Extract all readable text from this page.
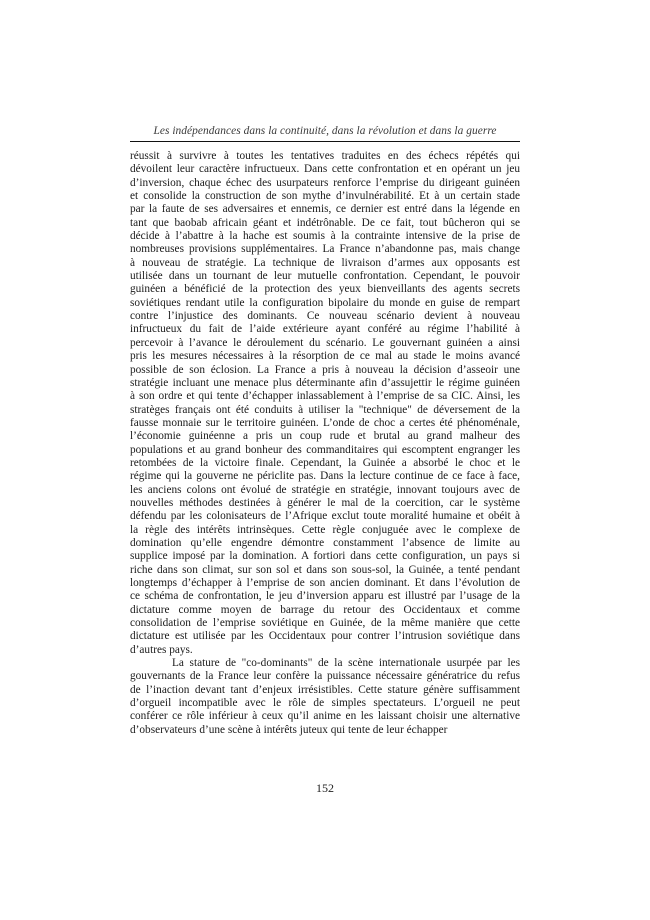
Les indépendances dans la continuité, dans la révolution et dans la guerre
réussit à survivre à toutes les tentatives traduites en des échecs répétés qui
dévoilent leur caractère infructueux. Dans cette confrontation et en opérant un jeu
d’inversion, chaque échec des usurpateurs renforce l’emprise du dirigeant guinéen
et consolide la construction de son mythe d’invulnérabilité. Et à un certain stade
par la faute de ses adversaires et ennemis, ce dernier est entré dans la légende en
tant que baobab africain géant et indétrônable. De ce fait, tout bûcheron qui se
décide à l’abattre à la hache est soumis à la contrainte intensive de la prise de
nombreuses provisions supplémentaires. La France n’abandonne pas, mais change
à nouveau de stratégie. La technique de livraison d’armes aux opposants est
utilisée dans un tournant de leur mutuelle confrontation. Cependant, le pouvoir
guinéen a bénéficié de la protection des yeux bienveillants des agents secrets
soviétiques rendant utile la configuration bipolaire du monde en guise de rempart
contre l’injustice des dominants. Ce nouveau scénario devient à nouveau
infructueux du fait de l’aide extérieure ayant conféré au régime l’habilité à
percevoir à l’avance le déroulement du scénario. Le gouvernant guinéen a ainsi
pris les mesures nécessaires à la résorption de ce mal au stade le moins avancé
possible de son éclosion. La France a pris à nouveau la décision d’asseoir une
stratégie incluant une menace plus déterminante afin d’assujettir le régime guinéen
à son ordre et qui tente d’échapper inlassablement à l’emprise de sa CIC. Ainsi, les
stratèges français ont été conduits à utiliser la "technique" de déversement de la
fausse monnaie sur le territoire guinéen. L’onde de choc a certes été phénoménale,
l’économie guinéenne a pris un coup rude et brutal au grand malheur des
populations et au grand bonheur des commanditaires qui escomptent engranger les
retombées de la victoire finale. Cependant, la Guinée a absorbé le choc et le
régime qui la gouverne ne périclite pas. Dans la lecture continue de ce face à face,
les anciens colons ont évolué de stratégie en stratégie, innovant toujours avec de
nouvelles méthodes destinées à générer le mal de la coercition, car le système
défendu par les colonisateurs de l’Afrique exclut toute moralité humaine et obéit à
la règle des intérêts intrinsèques. Cette règle conjuguée avec le complexe de
domination qu’elle engendre démontre constamment l’absence de limite au
supplice imposé par la domination. A fortiori dans cette configuration, un pays si
riche dans son climat, sur son sol et dans son sous-sol, la Guinée, a tenté pendant
longtemps d’échapper à l’emprise de son ancien dominant. Et dans l’évolution de
ce schéma de confrontation, le jeu d’inversion apparu est illustré par l’usage de la
dictature comme moyen de barrage du retour des Occidentaux et comme
consolidation de l’emprise soviétique en Guinée, de la même manière que cette
dictature est utilisée par les Occidentaux pour contrer l’intrusion soviétique dans
d’autres pays.
La stature de "co-dominants" de la scène internationale usurpée par les
gouvernants de la France leur confère la puissance nécessaire génératrice du refus
de l’inaction devant tant d’enjeux irrésistibles. Cette stature génère suffisamment
d’orgueil incompatible avec le rôle de simples spectateurs. L’orgueil ne peut
conférer ce rôle inférieur à ceux qu’il anime en les laissant choisir une alternative
d’observateurs d’une scène à intérêts juteux qui tente de leur échapper
152
